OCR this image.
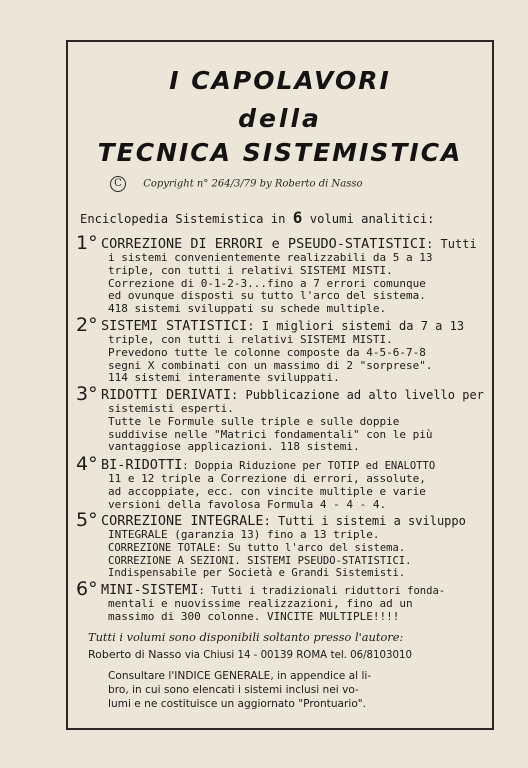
I CAPOLAVORI
della
TECNICA SISTEMISTICA
C Copyright n° 264/3/79 by Roberto di Nasso
Enciclopedia Sistemistica in 6 volumi analitici:
1° CORREZIONE DI ERRORI e PSEUDO-STATISTICI: Tutti
i sistemi convenientemente realizzabili da 5 a 13
triple, con tutti i relativi SISTEMI MISTI.
Correzione di 0-1-2-3...fino a 7 errori comunque
ed ovunque disposti su tutto l'arco del sistema.
418 sistemi sviluppati su schede multiple.
2° SISTEMI STATISTICI: I migliori sistemi da 7 a 13
triple, con tutti i relativi SISTEMI MISTI.
Prevedono tutte le colonne composte da 4-5-6-7-8
segni X combinati con un massimo di 2 "sorprese".
114 sistemi interamente sviluppati.
3° RIDOTTI DERIVATI: Pubblicazione ad alto livello per
sistemisti esperti.
Tutte le Formule sulle triple e sulle doppie
suddivise nelle "Matrici fondamentali" con le più
vantaggiose applicazioni. 118 sistemi.
4° BI-RIDOTTI: Doppia Riduzione per TOTIP ed ENALOTTO
11 e 12 triple a Correzione di errori, assolute,
ad accoppiate, ecc. con vincite multiple e varie
versioni della favolosa Formula 4 - 4 - 4.
5° CORREZIONE INTEGRALE: Tutti i sistemi a sviluppo
INTEGRALE (garanzia 13) fino a 13 triple.
CORREZIONE TOTALE: Su tutto l'arco del sistema.
CORREZIONE A SEZIONI. SISTEMI PSEUDO-STATISTICI.
Indispensabile per Società e Grandi Sistemisti.
6° MINI-SISTEMI: Tutti i tradizionali riduttori fonda-
mentali e nuovissime realizzazioni, fino ad un
massimo di 300 colonne. VINCITE MULTIPLE!!!!
Tutti i volumi sono disponibili soltanto presso l'autore:
Roberto di Nasso via Chiusi 14 - 00139 ROMA tel. 06/8103010
Consultare l'INDICE GENERALE, in appendice al li-
bro, in cui sono elencati i sistemi inclusi nei vo-
lumi e ne costituisce un aggiornato "Prontuario".
